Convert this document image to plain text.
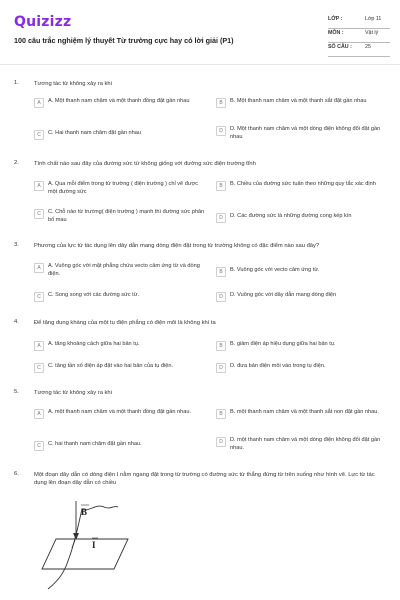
Quizizz
100 câu trắc nghiệm lý thuyết Từ trường cực hay có lời giải (P1)
LỚP :	Lớp 11
MÔN :	Vật lý
SỐ CÂU : 25
1.	Tương tác từ không xảy ra khi
A	A. Một thanh nam châm và một thanh đồng đặt gần nhau	B	B. Một thanh nam châm và một thanh sắt đặt gần nhau
C	C. Hai thanh nam châm đặt gần nhau	D	D. Một thanh nam châm và một dòng điện không đổi đặt gần nhau
2.	Tính chất nào sau đây của đường sức từ không giống với đường sức điện trường tĩnh
A	A. Qua mỗi điểm trong từ trường ( điện trường ) chỉ vẽ được một đường sức
B	B. Chiều của đường sức tuân theo những quy tắc xác định
C	C. Chỗ nào từ trường( điện trường ) mạnh thì đường sức phân bố mau	D	D. Các đường sức là những đường cong kép kín
3.	Phương của lực từ tác dụng lên dây dẫn mang dòng điện đặt trong từ trường không có đặc điểm nào sau đây?
A	A. Vuông góc với mặt phẳng chứa vecto cảm ứng từ và dòng điện.	B	B. Vuông góc với vecto cảm ứng từ.
C	C. Song song với các đường sức từ.	D	D. Vuông góc với dây dẫn mang dòng điện
4.	Để tăng dung kháng của một tụ điện phẳng có điện môi là không khí ta
A	A. tăng khoảng cách giữa hai bản tụ.	B	B. giảm điện áp hiệu dụng giữa hai bản tụ.
C	C. tăng tần số điện áp đặt vào hai bản của tụ điện.	D	D. đưa bản điện môi vào trong tụ điện.
5.	Tương tác từ không xảy ra khi
A	A. một thanh nam châm và một thanh đồng đặt gần nhau.	B	B. một thanh nam châm và một thanh sắt non đặt gần nhau.
C	C. hai thanh nam châm đặt gần nhau.	D	D. một thanh nam châm và một dòng điện không đổi đặt gần nhau.
6.	Một đoạn dây dẫn có dòng điện I nằm ngang đặt trong từ trường có đường sức từ thẳng đứng từ trên xuống như hình vẽ. Lực từ tác dụng lên đoạn dây dẫn có chiều
B
I
